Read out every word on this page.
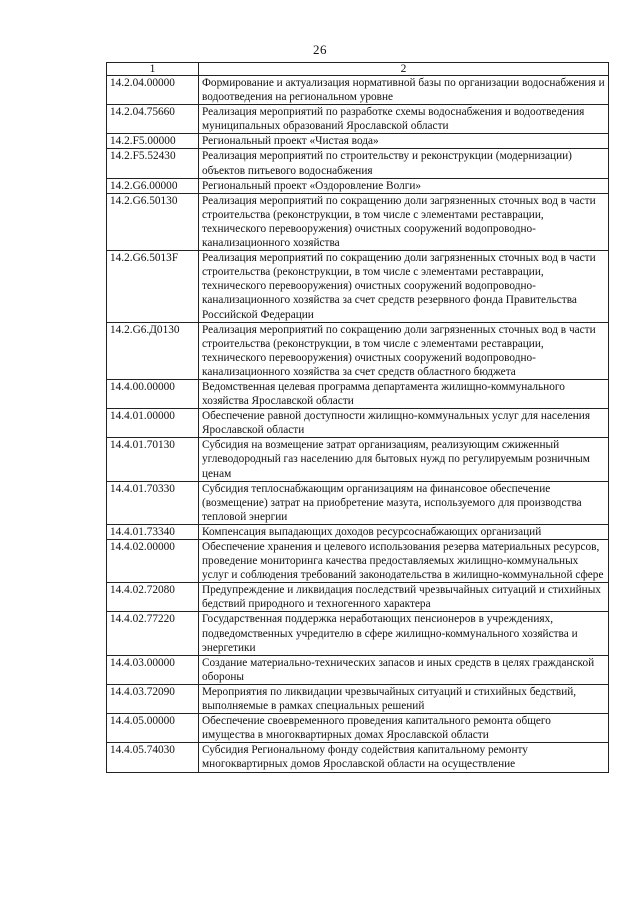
26
1	2
14.2.04.00000	Формирование и актуализация нормативной базы по организации водоснабжения и водоотведения на региональном уровне
14.2.04.75660	Реализация мероприятий по разработке схемы водоснабжения и водоотведения муниципальных образований Ярославской области
14.2.F5.00000	Региональный проект «Чистая вода»
14.2.F5.52430	Реализация мероприятий по строительству и реконструкции (модернизации) объектов питьевого водоснабжения
14.2.G6.00000	Региональный проект «Оздоровление Волги»
14.2.G6.50130	Реализация мероприятий по сокращению доли загрязненных сточных вод в части строительства (реконструкции, в том числе с элементами реставрации, технического перевооружения) очистных сооружений водопроводно-канализационного хозяйства
14.2.G6.5013F	Реализация мероприятий по сокращению доли загрязненных сточных вод в части строительства (реконструкции, в том числе с элементами реставрации, технического перевооружения) очистных сооружений водопроводно-канализационного хозяйства за счет средств резервного фонда Правительства Российской Федерации
14.2.G6.Д0130	Реализация мероприятий по сокращению доли загрязненных сточных вод в части строительства (реконструкции, в том числе с элементами реставрации, технического перевооружения) очистных сооружений водопроводно-канализационного хозяйства за счет средств областного бюджета
14.4.00.00000	Ведомственная целевая программа департамента жилищно-коммунального хозяйства Ярославской области
14.4.01.00000	Обеспечение равной доступности жилищно-коммунальных услуг для населения Ярославской области
14.4.01.70130	Субсидия на возмещение затрат организациям, реализующим сжиженный углеводородный газ населению для бытовых нужд по регулируемым розничным ценам
14.4.01.70330	Субсидия теплоснабжающим организациям на финансовое обеспечение (возмещение) затрат на приобретение мазута, используемого для производства тепловой энергии
14.4.01.73340	Компенсация выпадающих доходов ресурсоснабжающих организаций
14.4.02.00000	Обеспечение хранения и целевого использования резерва материальных ресурсов, проведение мониторинга качества предоставляемых жилищно-коммунальных услуг и соблюдения требований законодательства в жилищно-коммунальной сфере
14.4.02.72080	Предупреждение и ликвидация последствий чрезвычайных ситуаций и стихийных бедствий природного и техногенного характера
14.4.02.77220	Государственная поддержка неработающих пенсионеров в учреждениях, подведомственных учредителю в сфере жилищно-коммунального хозяйства и энергетики
14.4.03.00000	Создание материально-технических запасов и иных средств в целях гражданской обороны
14.4.03.72090	Мероприятия по ликвидации чрезвычайных ситуаций и стихийных бедствий, выполняемые в рамках специальных решений
14.4.05.00000	Обеспечение своевременного проведения капитального ремонта общего имущества в многоквартирных домах Ярославской области
14.4.05.74030	Субсидия Региональному фонду содействия капитальному ремонту многоквартирных домов Ярославской области на осуществление
